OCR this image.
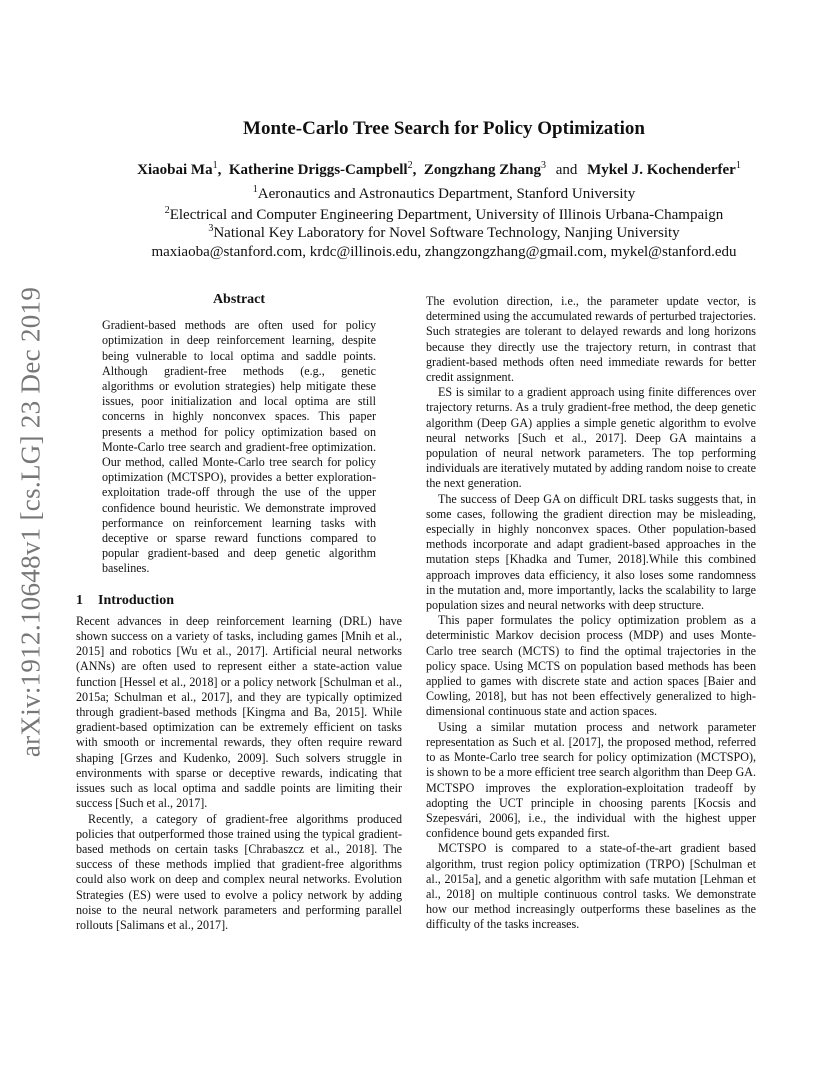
arXiv:1912.10648v1 [cs.LG] 23 Dec 2019
Monte-Carlo Tree Search for Policy Optimization
Xiaobai Ma$^1$, Katherine Driggs-Campbell$^2$, Zongzhang Zhang$^3$ and Mykel J. Kochenderfer$^1$
$^1$Aeronautics and Astronautics Department, Stanford University
$^2$Electrical and Computer Engineering Department, University of Illinois Urbana-Champaign
$^3$National Key Laboratory for Novel Software Technology, Nanjing University
maxiaoba@stanford.com, krdc@illinois.edu, zhangzongzhang@gmail.com, mykel@stanford.edu
Abstract

Gradient-based methods are often used for policy optimization in deep reinforcement learning, despite being vulnerable to local optima and saddle points. Although gradient-free methods (e.g., genetic algorithms or evolution strategies) help mitigate these issues, poor initialization and local optima are still concerns in highly nonconvex spaces. This paper presents a method for policy optimization based on Monte-Carlo tree search and gradient-free optimization. Our method, called Monte-Carlo tree search for policy optimization (MCTSPO), provides a better exploration-exploitation trade-off through the use of the upper confidence bound heuristic. We demonstrate improved performance on reinforcement learning tasks with deceptive or sparse reward functions compared to popular gradient-based and deep genetic algorithm baselines.

1 Introduction

Recent advances in deep reinforcement learning (DRL) have shown success on a variety of tasks, including games [Mnih et al., 2015] and robotics [Wu et al., 2017]. Artificial neural networks (ANNs) are often used to represent either a state-action value function [Hessel et al., 2018] or a policy network [Schulman et al., 2015a; Schulman et al., 2017], and they are typically optimized through gradient-based methods [Kingma and Ba, 2015]. While gradient-based optimization can be extremely efficient on tasks with smooth or incremental rewards, they often require reward shaping [Grzes and Kudenko, 2009]. Such solvers struggle in environments with sparse or deceptive rewards, indicating that issues such as local optima and saddle points are limiting their success [Such et al., 2017].

Recently, a category of gradient-free algorithms produced policies that outperformed those trained using the typical gradient-based methods on certain tasks [Chrabaszcz et al., 2018]. The success of these methods implied that gradient-free algorithms could also work on deep and complex neural networks. Evolution Strategies (ES) were used to evolve a policy network by adding noise to the neural network parameters and performing parallel rollouts [Salimans et al., 2017].

The evolution direction, i.e., the parameter update vector, is determined using the accumulated rewards of perturbed trajectories. Such strategies are tolerant to delayed rewards and long horizons because they directly use the trajectory return, in contrast that gradient-based methods often need immediate rewards for better credit assignment.

ES is similar to a gradient approach using finite differences over trajectory returns. As a truly gradient-free method, the deep genetic algorithm (Deep GA) applies a simple genetic algorithm to evolve neural networks [Such et al., 2017]. Deep GA maintains a population of neural network parameters. The top performing individuals are iteratively mutated by adding random noise to create the next generation.

The success of Deep GA on difficult DRL tasks suggests that, in some cases, following the gradient direction may be misleading, especially in highly nonconvex spaces. Other population-based methods incorporate and adapt gradient-based approaches in the mutation steps [Khadka and Tumer, 2018].While this combined approach improves data efficiency, it also loses some randomness in the mutation and, more importantly, lacks the scalability to large population sizes and neural networks with deep structure.

This paper formulates the policy optimization problem as a deterministic Markov decision process (MDP) and uses Monte-Carlo tree search (MCTS) to find the optimal trajectories in the policy space. Using MCTS on population based methods has been applied to games with discrete state and action spaces [Baier and Cowling, 2018], but has not been effectively generalized to high-dimensional continuous state and action spaces.

Using a similar mutation process and network parameter representation as Such et al. [2017], the proposed method, referred to as Monte-Carlo tree search for policy optimization (MCTSPO), is shown to be a more efficient tree search algorithm than Deep GA. MCTSPO improves the exploration-exploitation tradeoff by adopting the UCT principle in choosing parents [Kocsis and Szepesvári, 2006], i.e., the individual with the highest upper confidence bound gets expanded first.

MCTSPO is compared to a state-of-the-art gradient based algorithm, trust region policy optimization (TRPO) [Schulman et al., 2015a], and a genetic algorithm with safe mutation [Lehman et al., 2018] on multiple continuous control tasks. We demonstrate how our method increasingly outperforms these baselines as the difficulty of the tasks increases.
